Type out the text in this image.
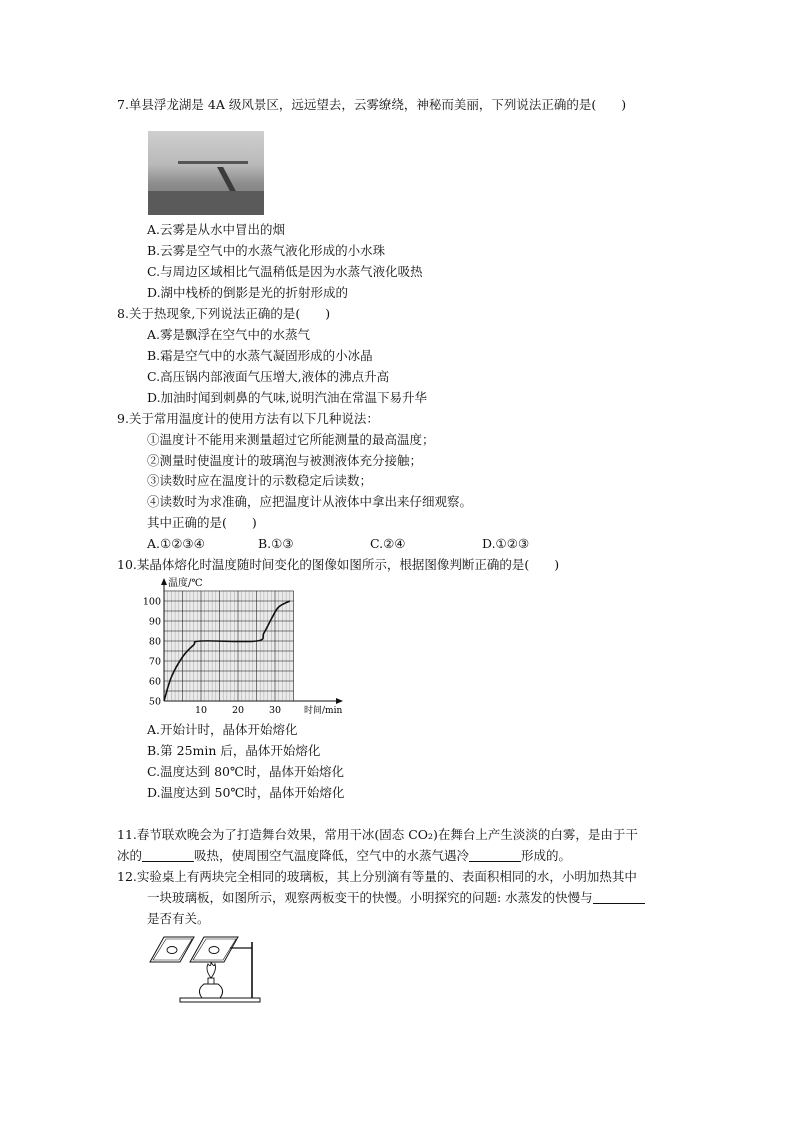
7.单县浮龙湖是 4A 级风景区，远远望去，云雾缭绕，神秘而美丽，下列说法正确的是(　　)
A.云雾是从水中冒出的烟
B.云雾是空气中的水蒸气液化形成的小水珠
C.与周边区域相比气温稍低是因为水蒸气液化吸热
D.湖中栈桥的倒影是光的折射形成的
8.关于热现象,下列说法正确的是(　　)
A.雾是飘浮在空气中的水蒸气
B.霜是空气中的水蒸气凝固形成的小冰晶
C.高压锅内部液面气压增大,液体的沸点升高
D.加油时闻到刺鼻的气味,说明汽油在常温下易升华
9.关于常用温度计的使用方法有以下几种说法：
①温度计不能用来测量超过它所能测量的最高温度；
②测量时使温度计的玻璃泡与被测液体充分接触；
③读数时应在温度计的示数稳定后读数；
④读数时为求准确，应把温度计从液体中拿出来仔细观察。
其中正确的是(　　)
A.①②③④	B.①③	C.②④	D.①②③
10.某晶体熔化时温度随时间变化的图像如图所示，根据图像判断正确的是(　　)
温度/℃
时间/min
50
60
70
80
90
100
10	20	30
A.开始计时，晶体开始熔化
B.第 25min 后，晶体开始熔化
C.温度达到 80℃时，晶体开始熔化
D.温度达到 50℃时，晶体开始熔化
11.春节联欢晚会为了打造舞台效果，常用干冰(固态 CO₂)在舞台上产生淡淡的白雾，是由于干
冰的	吸热，使周围空气温度降低，空气中的水蒸气遇冷	形成的。
12.实验桌上有两块完全相同的玻璃板，其上分别滴有等量的、表面积相同的水，小明加热其中
一块玻璃板，如图所示，观察两板变干的快慢。小明探究的问题: 水蒸发的快慢与
是否有关。
